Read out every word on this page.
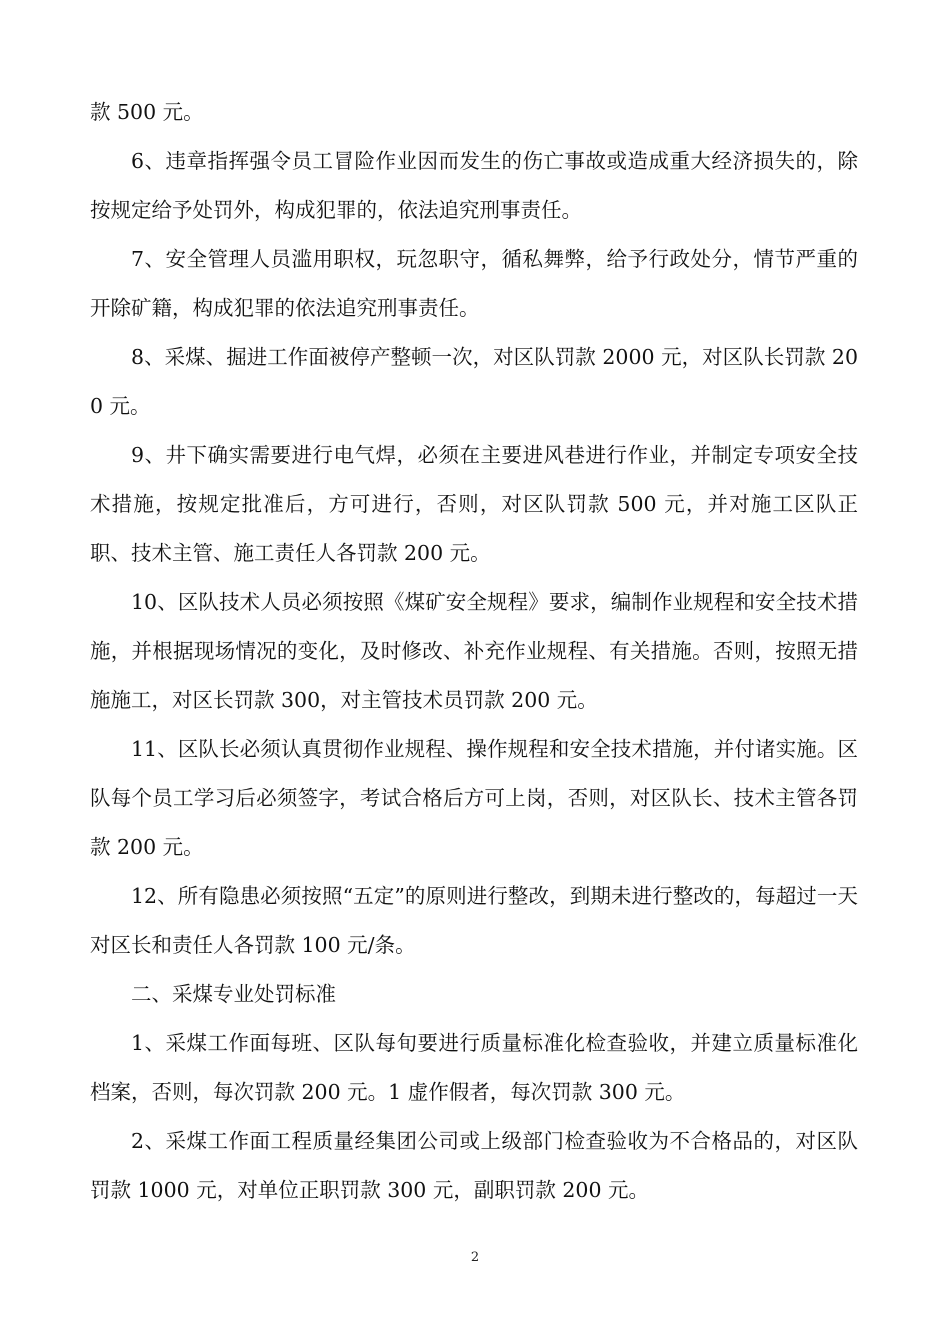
款 500 元。

6、违章指挥强令员工冒险作业因而发生的伤亡事故或造成重大经济损失的，除按规定给予处罚外，构成犯罪的，依法追究刑事责任。

7、安全管理人员滥用职权，玩忽职守，循私舞弊，给予行政处分，情节严重的开除矿籍，构成犯罪的依法追究刑事责任。

8、采煤、掘进工作面被停产整顿一次，对区队罚款 2000 元，对区队长罚款 200 元。

9、井下确实需要进行电气焊，必须在主要进风巷进行作业，并制定专项安全技术措施，按规定批准后，方可进行，否则，对区队罚款 500 元，并对施工区队正职、技术主管、施工责任人各罚款 200 元。

10、区队技术人员必须按照《煤矿安全规程》要求，编制作业规程和安全技术措施，并根据现场情况的变化，及时修改、补充作业规程、有关措施。否则，按照无措施施工，对区长罚款 300，对主管技术员罚款 200 元。

11、区队长必须认真贯彻作业规程、操作规程和安全技术措施，并付诸实施。区队每个员工学习后必须签字，考试合格后方可上岗，否则，对区队长、技术主管各罚款 200 元。

12、所有隐患必须按照“五定”的原则进行整改，到期未进行整改的，每超过一天对区长和责任人各罚款 100 元/条。

二、采煤专业处罚标准

1、采煤工作面每班、区队每旬要进行质量标准化检查验收，并建立质量标准化档案，否则，每次罚款 200 元。1 虚作假者，每次罚款 300 元。

2、采煤工作面工程质量经集团公司或上级部门检查验收为不合格品的，对区队罚款 1000 元，对单位正职罚款 300 元，副职罚款 200 元。

2
